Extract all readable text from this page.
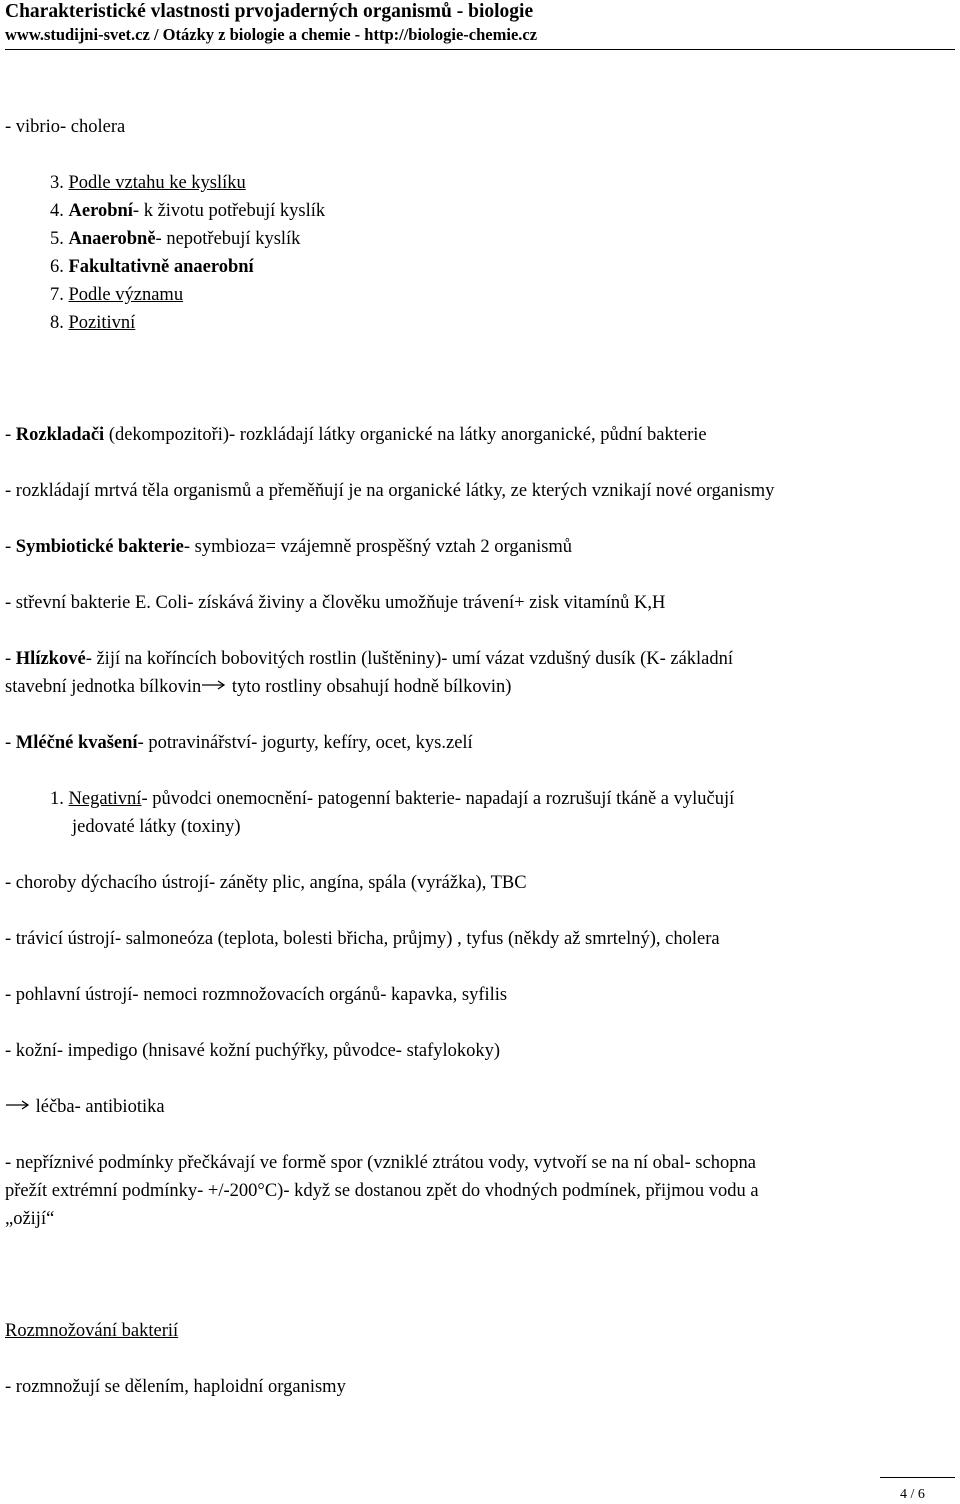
Charakteristické vlastnosti prvojaderných organismů - biologie
www.studijni-svet.cz / Otázky z biologie a chemie - http://biologie-chemie.cz
- vibrio- cholera
3. Podle vztahu ke kyslíku
4. Aerobní- k životu potřebují kyslík
5. Anaerobně- nepotřebují kyslík
6. Fakultativně anaerobní
7. Podle významu
8. Pozitivní
- Rozkladači (dekompozitoři)- rozkládají látky organické na látky anorganické, půdní bakterie
- rozkládají mrtvá těla organismů a přeměňují je na organické látky, ze kterých vznikají nové organismy
- Symbiotické bakterie- symbioza= vzájemně prospěšný vztah 2 organismů
- střevní bakterie E. Coli- získává živiny a člověku umožňuje trávení+ zisk vitamínů K,H
- Hlízkové- žijí na koříncích bobovitých rostlin (luštěniny)- umí vázat vzdušný dusík (K- základní
stavební jednotka bílkovin
tyto rostliny obsahují hodně bílkovin)
- Mléčné kvašení- potravinářství- jogurty, kefíry, ocet, kys.zelí
1. Negativní- původci onemocnění- patogenní bakterie- napadají a rozrušují tkáně a vylučují
jedovaté látky (toxiny)
- choroby dýchacího ústrojí- záněty plic, angína, spála (vyrážka), TBC
- trávicí ústrojí- salmoneóza (teplota, bolesti břicha, průjmy) , tyfus (někdy až smrtelný), cholera
- pohlavní ústrojí- nemoci rozmnožovacích orgánů- kapavka, syfilis
- kožní- impedigo (hnisavé kožní puchýřky, původce- stafylokoky)
léčba- antibiotika
- nepříznivé podmínky přečkávají ve formě spor (vzniklé ztrátou vody, vytvoří se na ní obal- schopna
přežít extrémní podmínky- +/-200°C)- když se dostanou zpět do vhodných podmínek, přijmou vodu a
„ožijí“
Rozmnožování bakterií
- rozmnožují se dělením, haploidní organismy
4 / 6
